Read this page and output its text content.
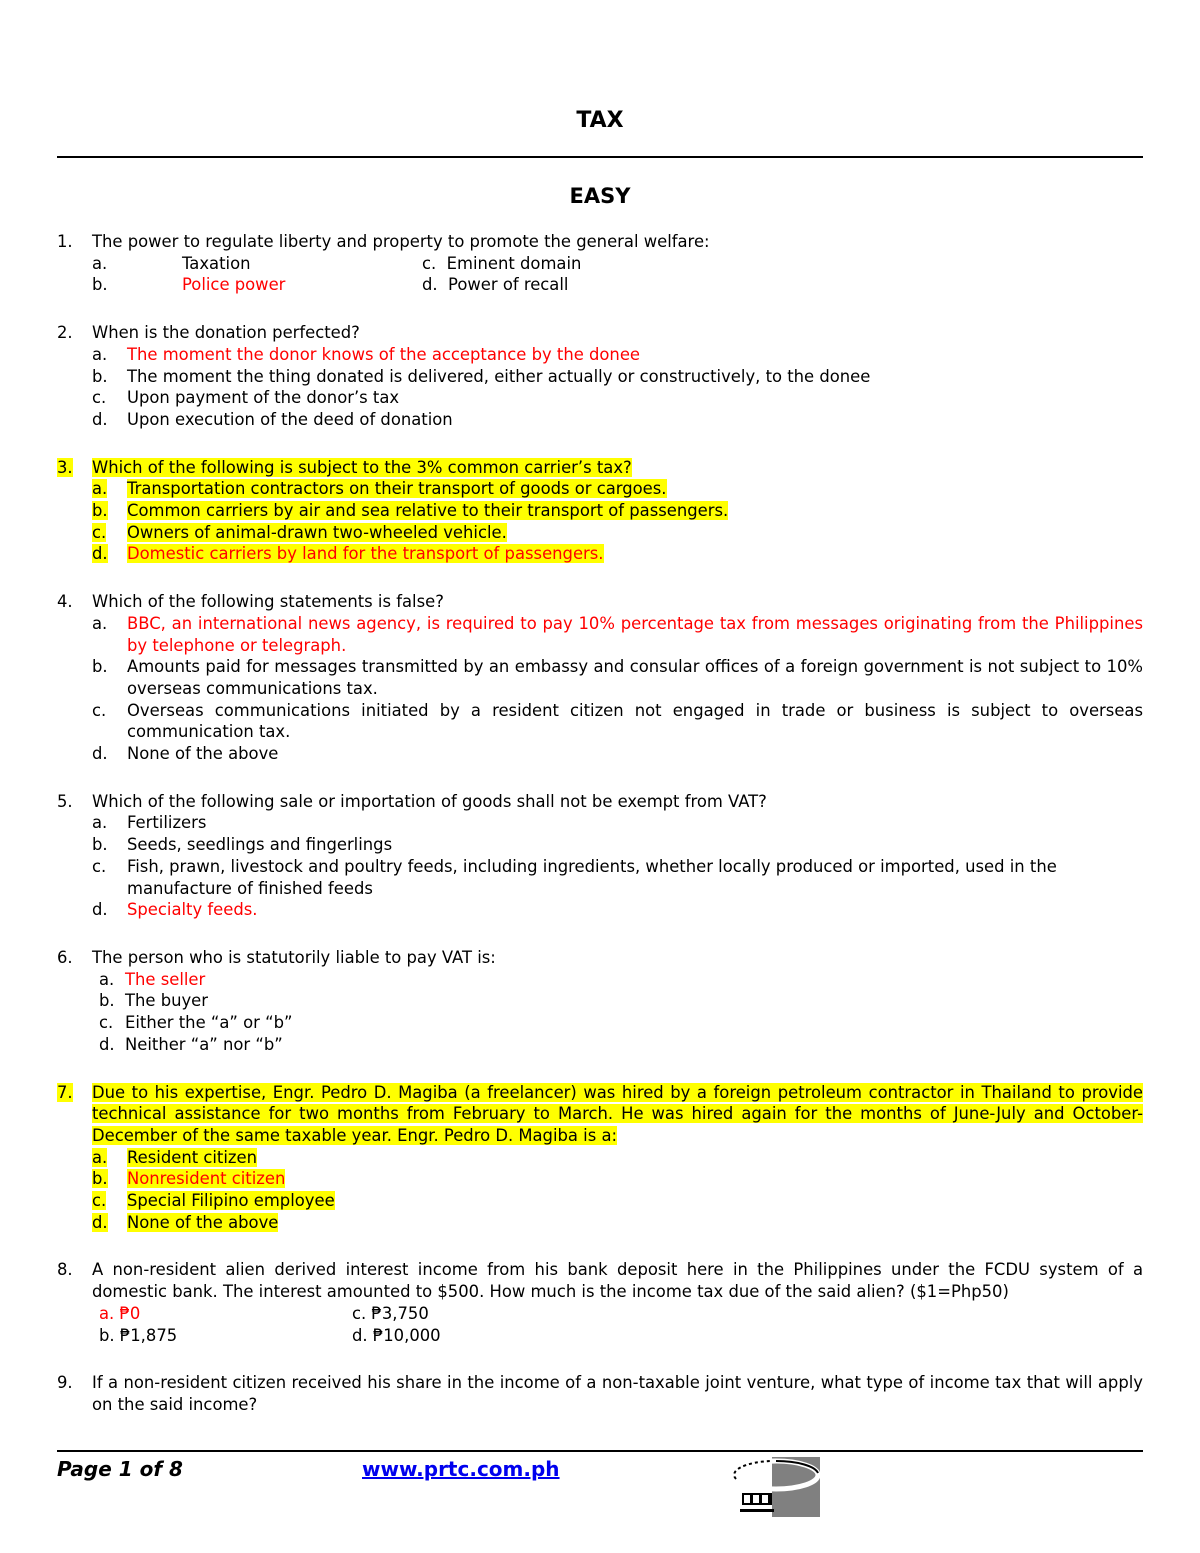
TAX
EASY
1.	The power to regulate liberty and property to promote the general welfare:
a.	Taxation	c. Eminent domain
b.	Police power	d. Power of recall
2.	When is the donation perfected?
a.	The moment the donor knows of the acceptance by the donee
b.	The moment the thing donated is delivered, either actually or constructively, to the donee
c.	Upon payment of the donor’s tax
d.	Upon execution of the deed of donation
3.	Which of the following is subject to the 3% common carrier’s tax?
a.	Transportation contractors on their transport of goods or cargoes.
b.	Common carriers by air and sea relative to their transport of passengers.
c.	Owners of animal-drawn two-wheeled vehicle.
d.	Domestic carriers by land for the transport of passengers.
4.	Which of the following statements is false?
a.	BBC, an international news agency, is required to pay 10% percentage tax from messages originating from the Philippines by telephone or telegraph.
b.	Amounts paid for messages transmitted by an embassy and consular offices of a foreign government is not subject to 10% overseas communications tax.
c.	Overseas communications initiated by a resident citizen not engaged in trade or business is subject to overseas communication tax.
d.	None of the above
5.	Which of the following sale or importation of goods shall not be exempt from VAT?
a.	Fertilizers
b.	Seeds, seedlings and fingerlings
c.	Fish, prawn, livestock and poultry feeds, including ingredients, whether locally produced or imported, used in the manufacture of finished feeds
d.	Specialty feeds.
6.	The person who is statutorily liable to pay VAT is:
a. The seller
b. The buyer
c. Either the “a” or “b”
d. Neither “a” nor “b”
7.	Due to his expertise, Engr. Pedro D. Magiba (a freelancer) was hired by a foreign petroleum contractor in Thailand to provide technical assistance for two months from February to March. He was hired again for the months of June-July and October-December of the same taxable year. Engr. Pedro D. Magiba is a:
a.	Resident citizen
b.	Nonresident citizen
c.	Special Filipino employee
d.	None of the above
8.	A non-resident alien derived interest income from his bank deposit here in the Philippines under the FCDU system of a domestic bank. The interest amounted to $500. How much is the income tax due of the said alien? ($1=Php50)
a. ₱0	c. ₱3,750
b. ₱1,875	d. ₱10,000
9.	If a non-resident citizen received his share in the income of a non-taxable joint venture, what type of income tax that will apply on the said income?
Page 1 of 8	www.prtc.com.ph
